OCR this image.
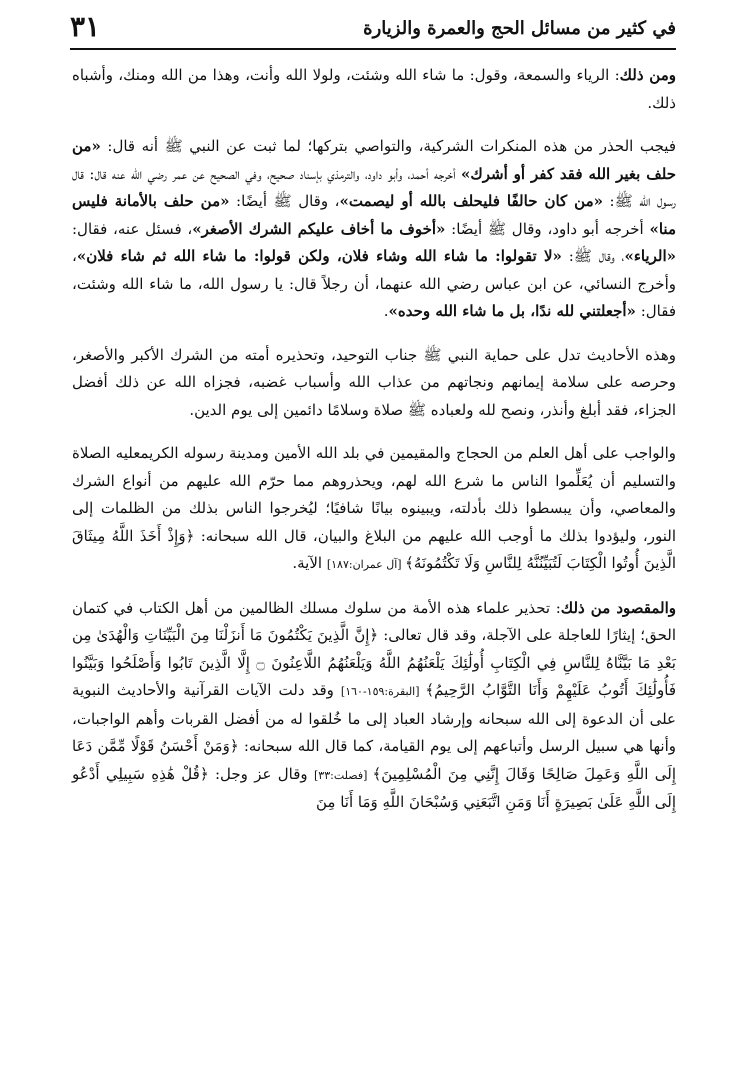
في كثير من مسائل الحج والعمرة والزيارة
٣١

ومن ذلك: الرياء والسمعة، وقول: ما شاء الله وشئت، ولولا الله وأنت، وهذا من الله ومنك، وأشباه ذلك.

فيجب الحذر من هذه المنكرات الشركية، والتواصي بتركها؛ لما ثبت عن النبي ﷺ أنه قال: «من حلف بغير الله فقد كفر أو أشرك» أخرجه أحمد، وأبو داود، والترمذي بإسناد صحيح، وفي الصحيح عن عمر رضي الله عنه قال: قال رسول الله ﷺ: «من كان حالفًا فليحلف بالله أو ليصمت»، وقال ﷺ أيضًا: «من حلف بالأمانة فليس منا» أخرجه أبو داود، وقال ﷺ أيضًا: «أخوف ما أخاف عليكم الشرك الأصغر»، فسئل عنه، فقال: «الرياء»، وقال ﷺ: «لا تقولوا: ما شاء الله وشاء فلان، ولكن قولوا: ما شاء الله ثم شاء فلان»، وأخرج النسائي، عن ابن عباس رضي الله عنهما، أن رجلاً قال: يا رسول الله، ما شاء الله وشئت، فقال: «أجعلتني لله ندًا، بل ما شاء الله وحده».

وهذه الأحاديث تدل على حماية النبي ﷺ جناب التوحيد، وتحذيره أمته من الشرك الأكبر والأصغر، وحرصه على سلامة إيمانهم ونجاتهم من عذاب الله وأسباب غضبه، فجزاه الله عن ذلك أفضل الجزاء، فقد أبلغ وأنذر، ونصح لله ولعباده ﷺ صلاة وسلامًا دائمين إلى يوم الدين.

والواجب على أهل العلم من الحجاج والمقيمين في بلد الله الأمين ومدينة رسوله الكريمعليه الصلاة والتسليم أن يُعَلِّموا الناس ما شرع الله لهم، ويحذروهم مما حرّم الله عليهم من أنواع الشرك والمعاصي، وأن يبسطوا ذلك بأدلته، ويبينوه بيانًا شافيًا؛ ليُخرجوا الناس بذلك من الظلمات إلى النور، وليؤدوا بذلك ما أوجب الله عليهم من البلاغ والبيان، قال الله سبحانه: ﴿وَإِذْ أَخَذَ اللَّهُ مِيثَاقَ الَّذِينَ أُوتُوا الْكِتَابَ لَتُبَيِّنُنَّهُ لِلنَّاسِ وَلَا تَكْتُمُونَهُ﴾ [آل عمران:١٨٧] الآية.

والمقصود من ذلك: تحذير علماء هذه الأمة من سلوك مسلك الظالمين من أهل الكتاب في كتمان الحق؛ إيثارًا للعاجلة على الآجلة، وقد قال تعالى: ﴿إِنَّ الَّذِينَ يَكْتُمُونَ مَا أَنزَلْنَا مِنَ الْبَيِّنَاتِ وَالْهُدَىٰ مِن بَعْدِ مَا بَيَّنَّاهُ لِلنَّاسِ فِي الْكِتَابِ أُولَٰئِكَ يَلْعَنُهُمُ اللَّهُ وَيَلْعَنُهُمُ اللَّاعِنُونَ ۝ إِلَّا الَّذِينَ تَابُوا وَأَصْلَحُوا وَبَيَّنُوا فَأُولَٰئِكَ أَتُوبُ عَلَيْهِمْ وَأَنَا التَّوَّابُ الرَّحِيمُ﴾ [البقرة:١٥٩-١٦٠] وقد دلت الآيات القرآنية والأحاديث النبوية على أن الدعوة إلى الله سبحانه وإرشاد العباد إلى ما خُلقوا له من أفضل القربات وأهم الواجبات، وأنها هي سبيل الرسل وأتباعهم إلى يوم القيامة، كما قال الله سبحانه: ﴿وَمَنْ أَحْسَنُ قَوْلًا مِّمَّن دَعَا إِلَى اللَّهِ وَعَمِلَ صَالِحًا وَقَالَ إِنَّنِي مِنَ الْمُسْلِمِينَ﴾ [فصلت:٣٣] وقال عز وجل: ﴿قُلْ هَٰذِهِ سَبِيلِي أَدْعُو إِلَى اللَّهِ عَلَىٰ بَصِيرَةٍ أَنَا وَمَنِ اتَّبَعَنِي وَسُبْحَانَ اللَّهِ وَمَا أَنَا مِنَ
